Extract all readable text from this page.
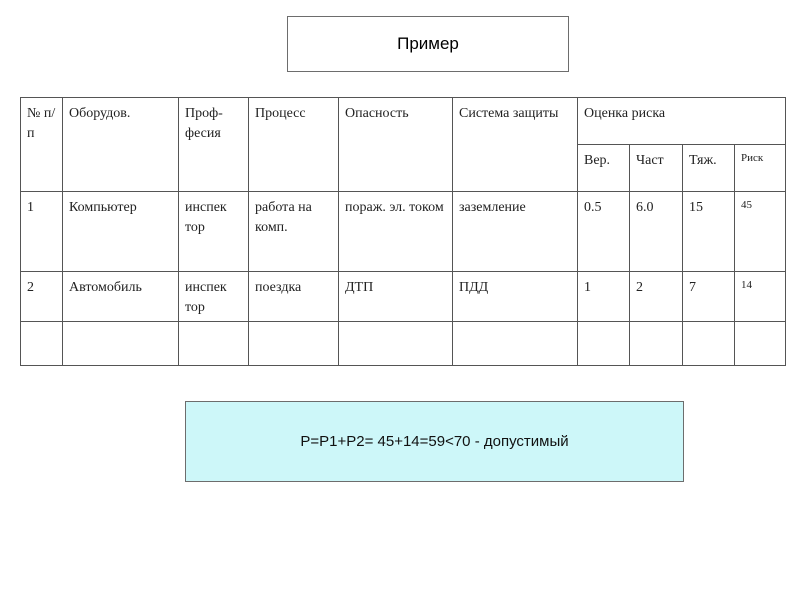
Пример
№ п/п	Оборудов.	Проф-фесия	Процесс	Опасность	Система защиты	Оценка риска			
						Вер.	Част	Тяж.	Риск
1	Компьютер	инспек тор	работа на комп.	пораж. эл. током	заземление	0.5	6.0	15	45
2	Автомобиль	инспек тор	поездка	ДТП	ПДД	1	2	7	14

P=P1+P2= 45+14=59<70 - допустимый
